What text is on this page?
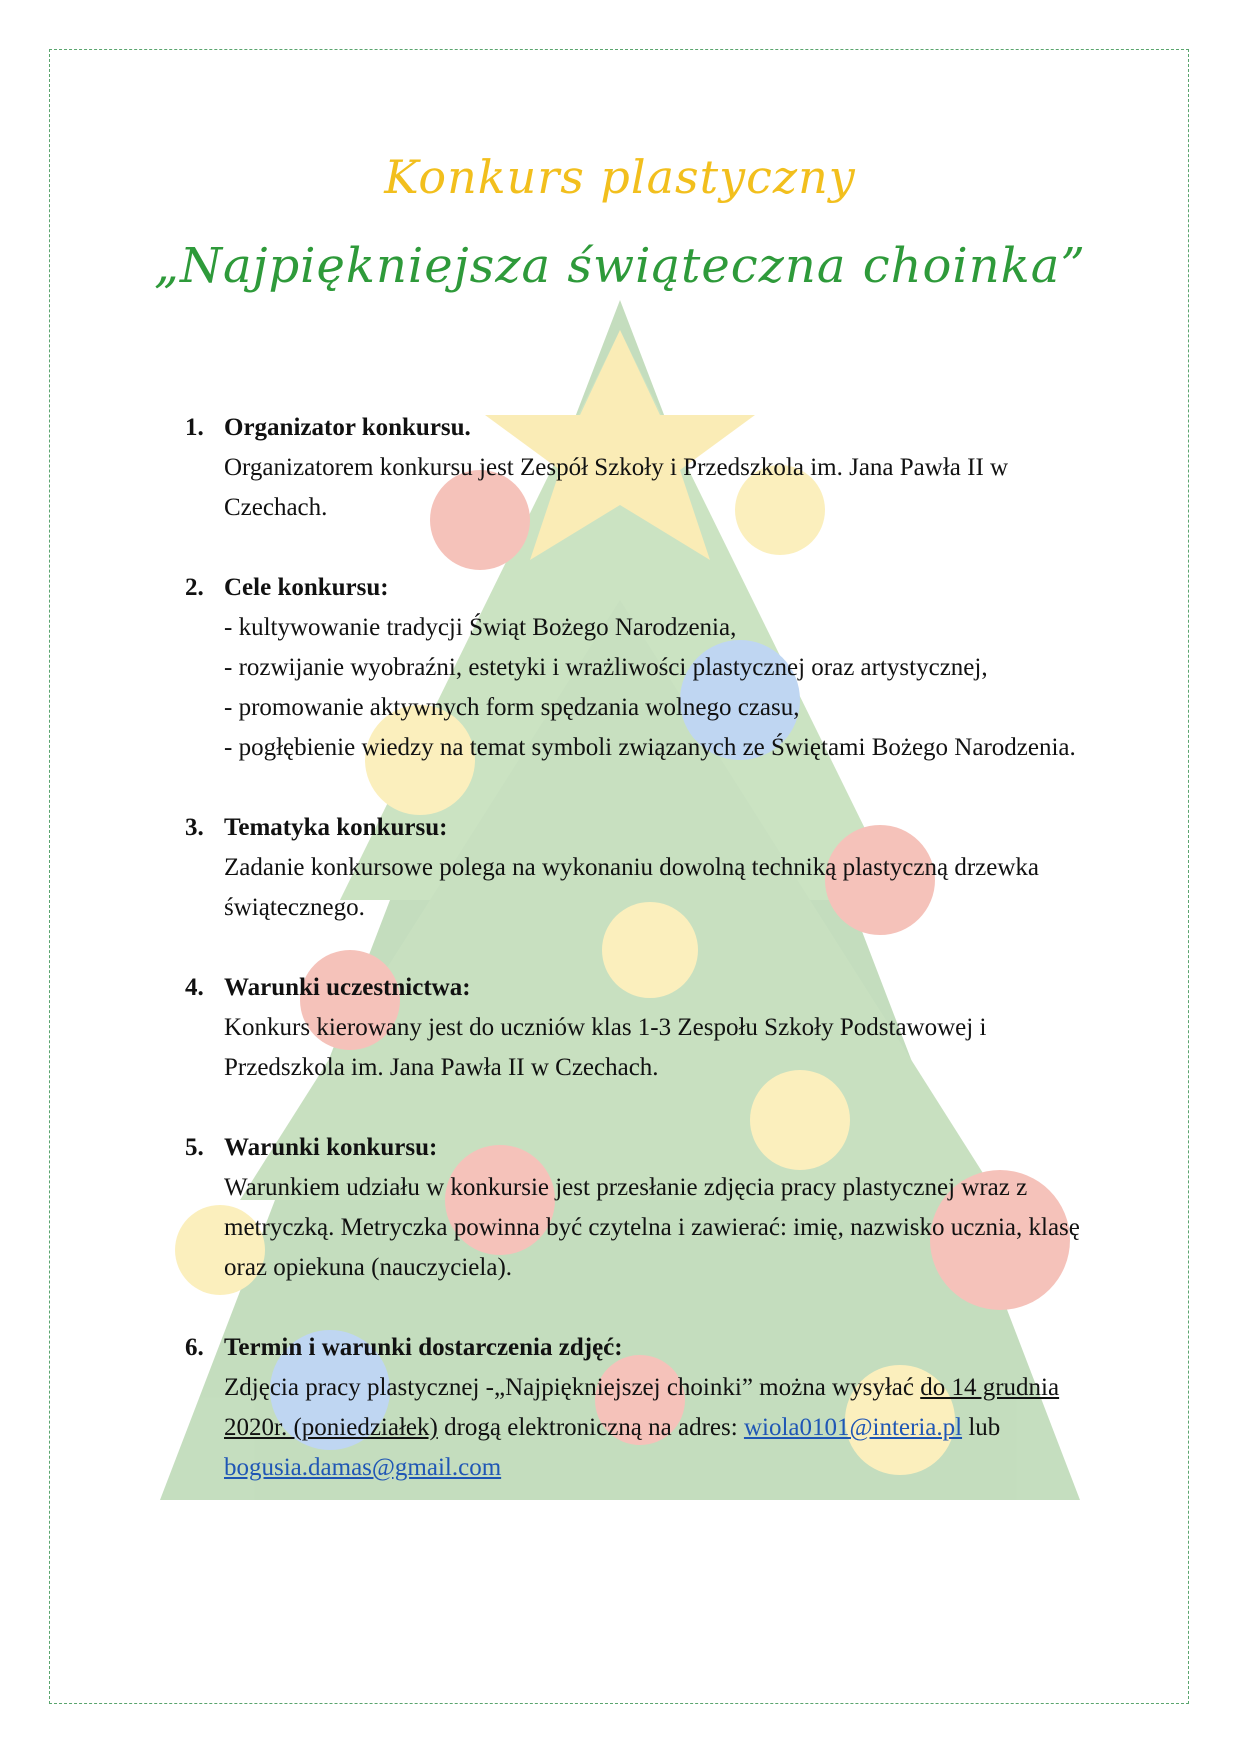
Konkurs plastyczny
„Najpiękniejsza świąteczna choinka”
1. Organizator konkursu.
Organizatorem konkursu jest Zespół Szkoły i Przedszkola im. Jana Pawła II w Czechach.
2. Cele konkursu:
- kultywowanie tradycji Świąt Bożego Narodzenia,
- rozwijanie wyobraźni, estetyki i wrażliwości plastycznej oraz artystycznej,
- promowanie aktywnych form spędzania wolnego czasu,
- pogłębienie wiedzy na temat symboli związanych ze Świętami Bożego Narodzenia.
3. Tematyka konkursu:
Zadanie konkursowe polega na wykonaniu dowolną techniką plastyczną drzewka świątecznego.
4. Warunki uczestnictwa:
Konkurs kierowany jest do uczniów klas 1-3 Zespołu Szkoły Podstawowej i Przedszkola im. Jana Pawła II w Czechach.
5. Warunki konkursu:
Warunkiem udziału w konkursie jest przesłanie zdjęcia pracy plastycznej wraz z metryczką. Metryczka powinna być czytelna i zawierać: imię, nazwisko ucznia, klasę oraz opiekuna (nauczyciela).
6. Termin i warunki dostarczenia zdjęć:
Zdjęcia pracy plastycznej -„Najpiękniejszej choinki” można wysyłać do 14 grudnia 2020r. (poniedziałek) drogą elektroniczną na adres: wiola0101@interia.pl lub bogusia.damas@gmail.com
